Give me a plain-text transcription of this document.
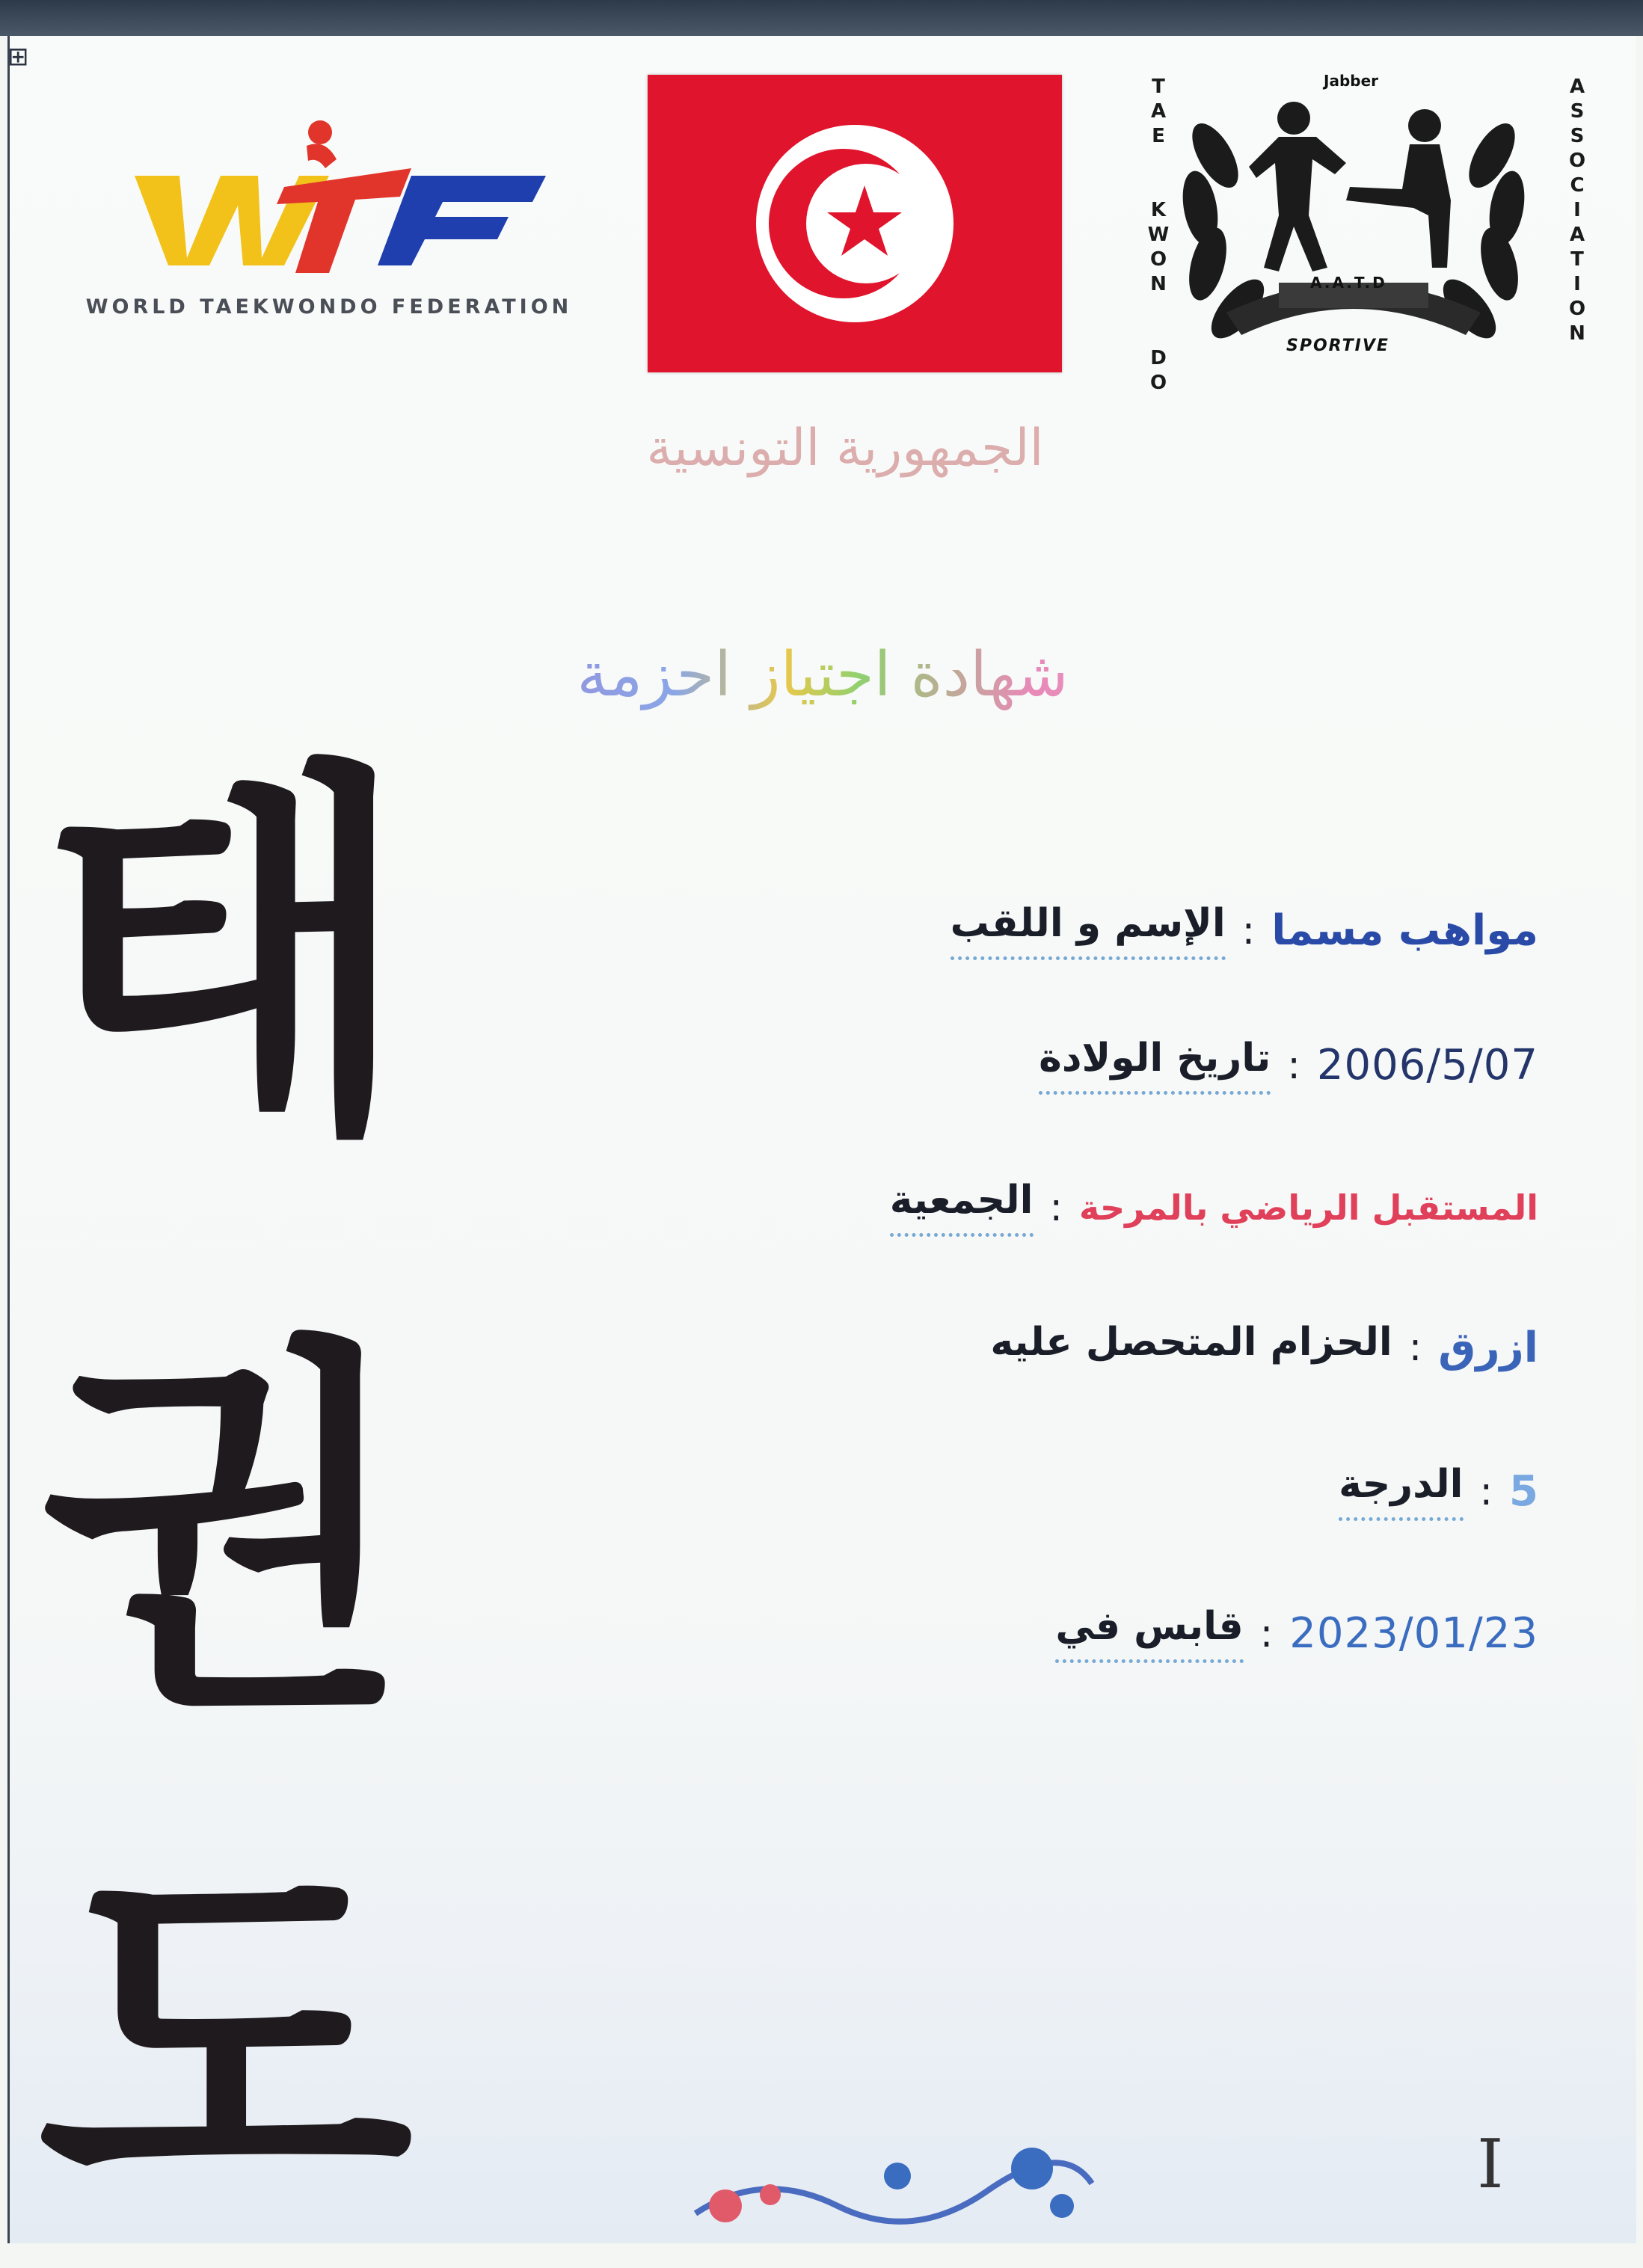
⊞
WORLD TAEKWONDO FEDERATION
T
A
E

K
W
O
N

D
O
A
S
S
O
C
I
A
T
I
O
N
Jabber
A.A.T.D
SPORTIVE
الجمهورية التونسية
شهادة اجتياز احزمة
태
권
도
الإسم و اللقب : مواهب مسما
تاريخ الولادة : 2006/5/07
الجمعية : المستقبل الرياضي بالمرحة
الحزام المتحصل عليه : ازرق
الدرجة : 5
قابس في : 2023/01/23
I
